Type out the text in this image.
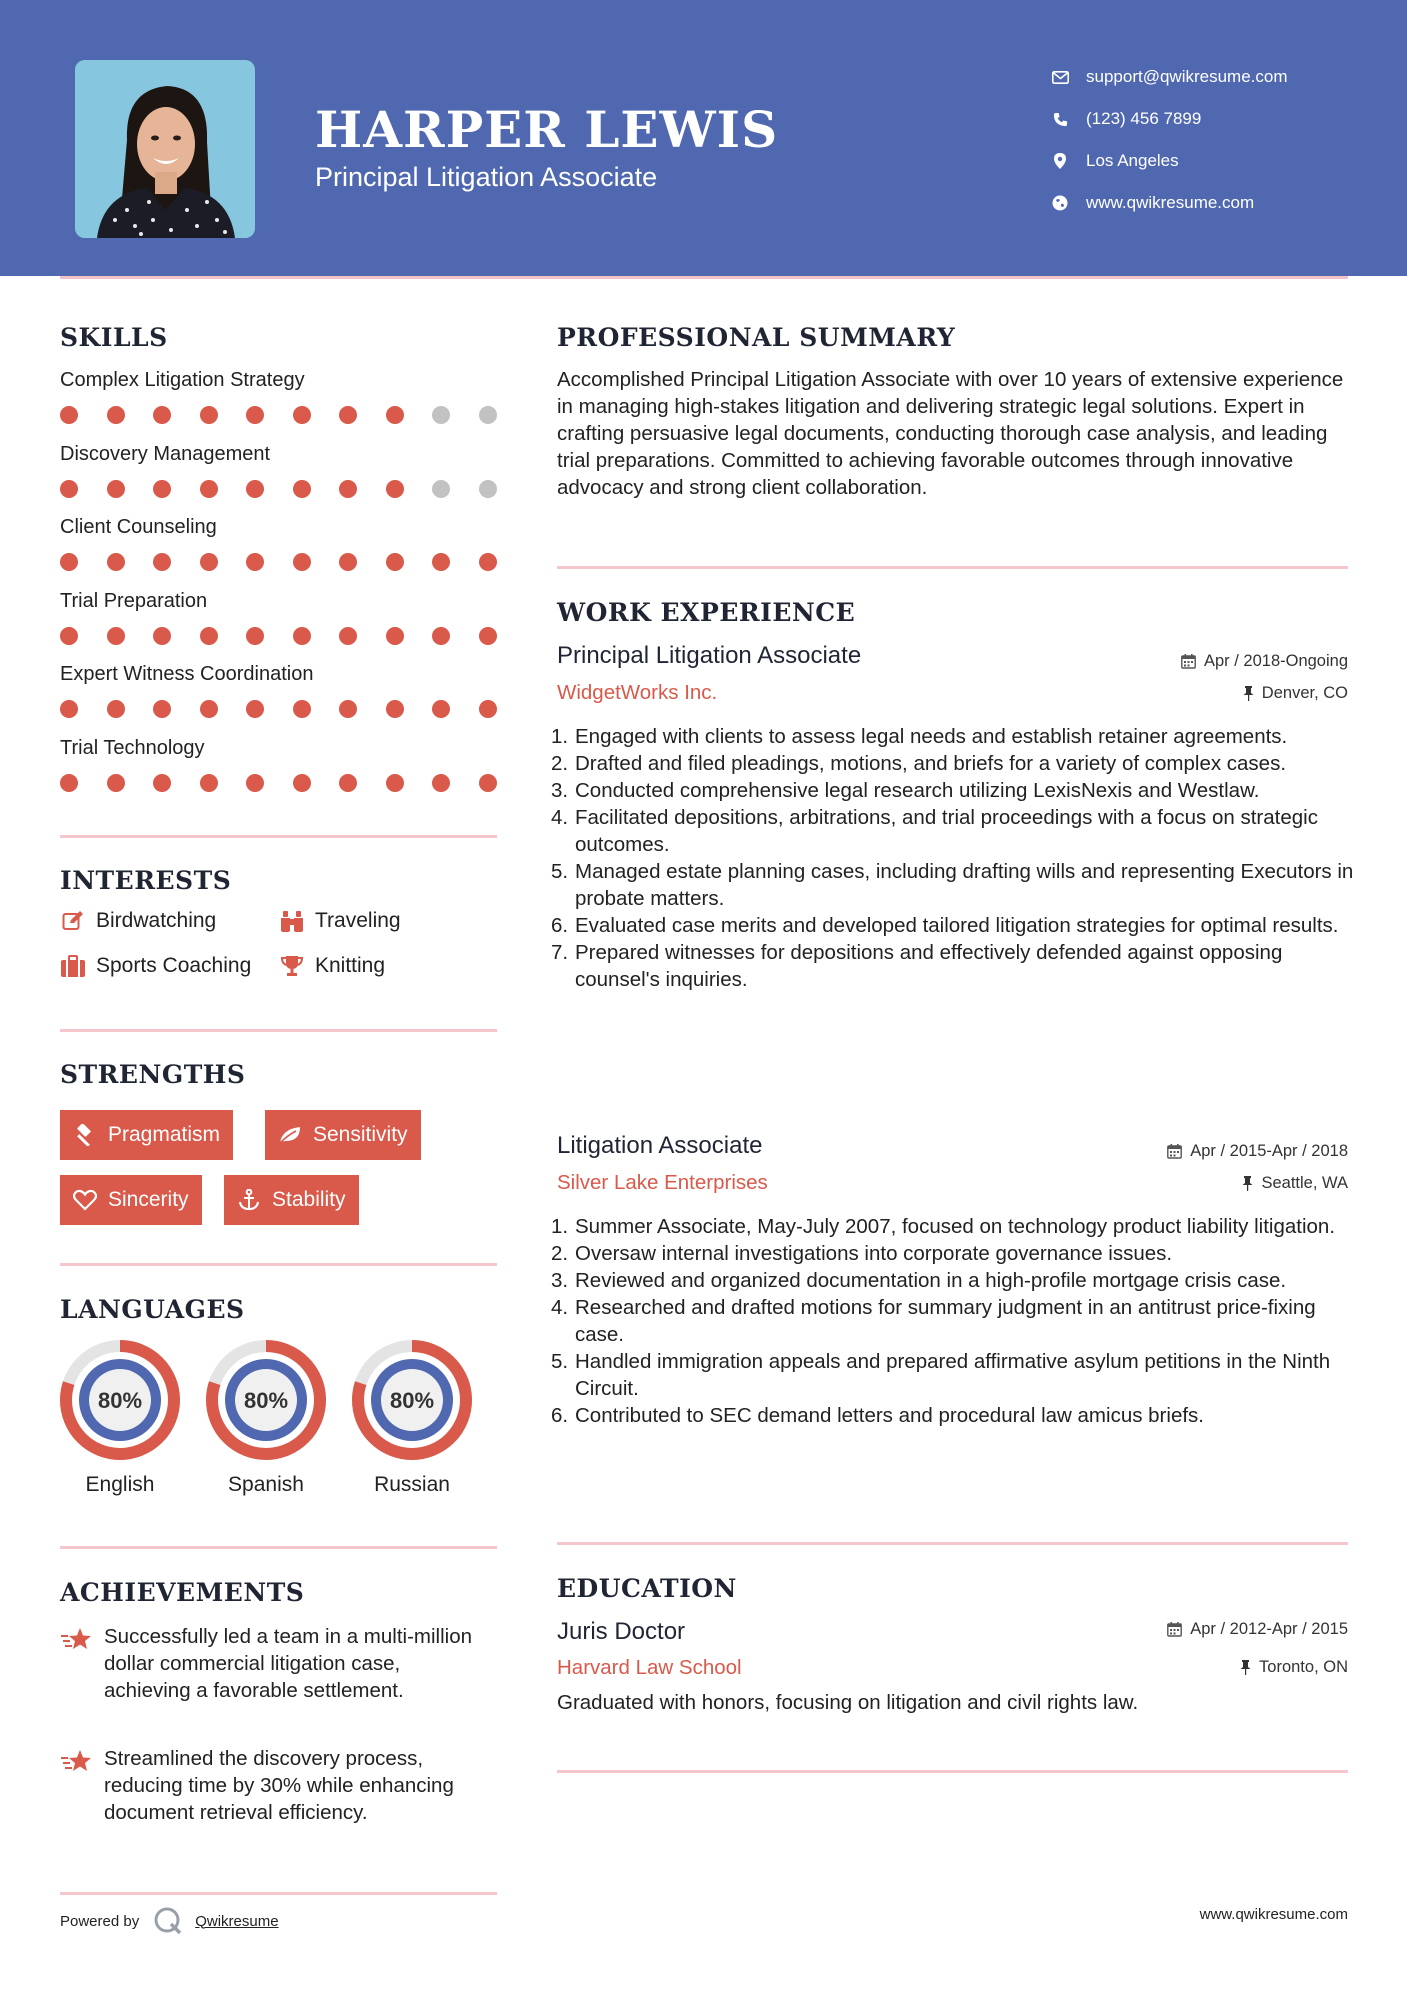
HARPER LEWIS
Principal Litigation Associate
support@qwikresume.com
(123) 456 7899
Los Angeles
www.qwikresume.com
SKILLS
Complex Litigation Strategy
Discovery Management
Client Counseling
Trial Preparation
Expert Witness Coordination
Trial Technology
INTERESTS
Birdwatching	Traveling
Sports Coaching	Knitting
STRENGTHS
Pragmatism	Sensitivity
Sincerity	Stability
LANGUAGES
80%
English
80%
Spanish
80%
Russian
ACHIEVEMENTS
Successfully led a team in a multi-million dollar commercial litigation case, achieving a favorable settlement.
Streamlined the discovery process, reducing time by 30% while enhancing document retrieval efficiency.
Powered by	Qwikresume	www.qwikresume.com
PROFESSIONAL SUMMARY
Accomplished Principal Litigation Associate with over 10 years of extensive experience in managing high-stakes litigation and delivering strategic legal solutions. Expert in crafting persuasive legal documents, conducting thorough case analysis, and leading trial preparations. Committed to achieving favorable outcomes through innovative advocacy and strong client collaboration.
WORK EXPERIENCE
Principal Litigation Associate	Apr / 2018-Ongoing
WidgetWorks Inc.	Denver, CO
1. Engaged with clients to assess legal needs and establish retainer agreements.
2. Drafted and filed pleadings, motions, and briefs for a variety of complex cases.
3. Conducted comprehensive legal research utilizing LexisNexis and Westlaw.
4. Facilitated depositions, arbitrations, and trial proceedings with a focus on strategic outcomes.
5. Managed estate planning cases, including drafting wills and representing Executors in probate matters.
6. Evaluated case merits and developed tailored litigation strategies for optimal results.
7. Prepared witnesses for depositions and effectively defended against opposing counsel's inquiries.
Litigation Associate	Apr / 2015-Apr / 2018
Silver Lake Enterprises	Seattle, WA
1. Summer Associate, May-July 2007, focused on technology product liability litigation.
2. Oversaw internal investigations into corporate governance issues.
3. Reviewed and organized documentation in a high-profile mortgage crisis case.
4. Researched and drafted motions for summary judgment in an antitrust price-fixing case.
5. Handled immigration appeals and prepared affirmative asylum petitions in the Ninth Circuit.
6. Contributed to SEC demand letters and procedural law amicus briefs.
EDUCATION
Juris Doctor	Apr / 2012-Apr / 2015
Harvard Law School	Toronto, ON
Graduated with honors, focusing on litigation and civil rights law.
